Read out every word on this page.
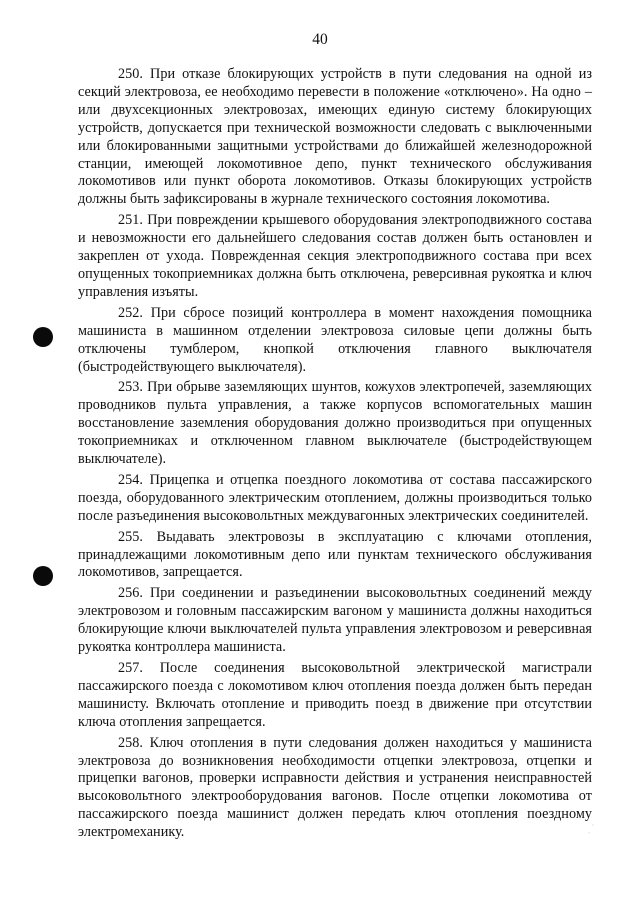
40

250. При отказе блокирующих устройств в пути следования на одной из секций электровоза, ее необходимо перевести в положение «отключено». На одно – или двухсекционных электровозах, имеющих единую систему блокирующих устройств, допускается при технической возможности следовать с выключенными или блокированными защитными устройствами до ближайшей железнодорожной станции, имеющей локомотивное депо, пункт технического обслуживания локомотивов или пункт оборота локомотивов. Отказы блокирующих устройств должны быть зафиксированы в журнале технического состояния локомотива.

251. При повреждении крышевого оборудования электроподвижного состава и невозможности его дальнейшего следования состав должен быть остановлен и закреплен от ухода. Поврежденная секция электроподвижного состава при всех опущенных токоприемниках должна быть отключена, реверсивная рукоятка и ключ управления изъяты.

252. При сбросе позиций контроллера в момент нахождения помощника машиниста в машинном отделении электровоза силовые цепи должны быть отключены тумблером, кнопкой отключения главного выключателя (быстродействующего выключателя).

253. При обрыве заземляющих шунтов, кожухов электропечей, заземляющих проводников пульта управления, а также корпусов вспомогательных машин восстановление заземления оборудования должно производиться при опущенных токоприемниках и отключенном главном выключателе (быстродействующем выключателе).

254. Прицепка и отцепка поездного локомотива от состава пассажирского поезда, оборудованного электрическим отоплением, должны производиться только после разъединения высоковольтных междувагонных электрических соединителей.

255. Выдавать электровозы в эксплуатацию с ключами отопления, принадлежащими локомотивным депо или пунктам технического обслуживания локомотивов, запрещается.

256. При соединении и разъединении высоковольтных соединений между электровозом и головным пассажирским вагоном у машиниста должны находиться блокирующие ключи выключателей пульта управления электровозом и реверсивная рукоятка контроллера машиниста.

257. После соединения высоковольтной электрической магистрали пассажирского поезда с локомотивом ключ отопления поезда должен быть передан машинисту. Включать отопление и приводить поезд в движение при отсутствии ключа отопления запрещается.

258. Ключ отопления в пути следования должен находиться у машиниста электровоза до возникновения необходимости отцепки электровоза, отцепки и прицепки вагонов, проверки исправности действия и устранения неисправностей высоковольтного электрооборудования вагонов. После отцепки локомотива от пассажирского поезда машинист должен передать ключ отопления поездному электромеханику.
